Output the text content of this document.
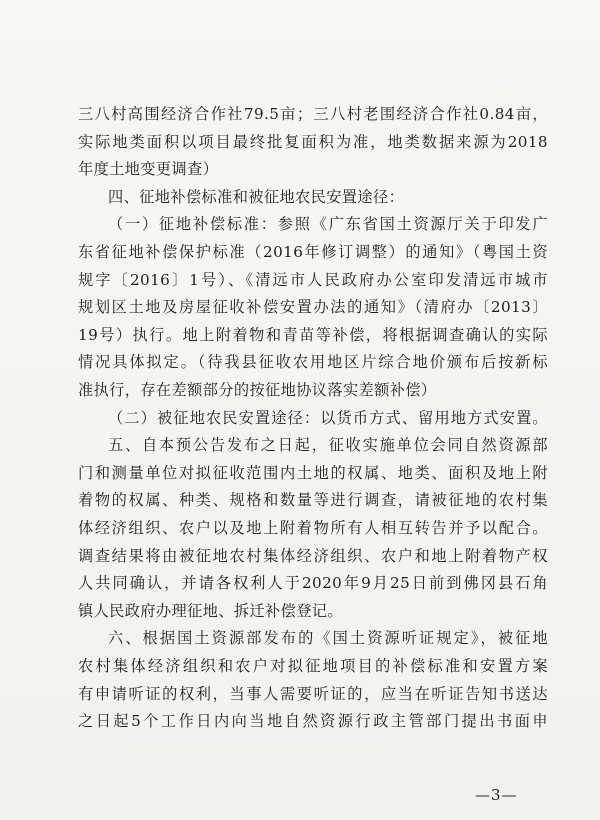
三八村高围经济合作社79.5亩；三八村老围经济合作社0.84亩，
实际地类面积以项目最终批复面积为准，地类数据来源为2018
年度土地变更调查）
四、征地补偿标准和被征地农民安置途径：
（一）征地补偿标准：参照《广东省国土资源厅关于印发广
东省征地补偿保护标准（2016年修订调整）的通知》（粤国土资
规字〔2016〕1号）、《清远市人民政府办公室印发清远市城市
规划区土地及房屋征收补偿安置办法的通知》（清府办〔2013〕
19号）执行。地上附着物和青苗等补偿，将根据调查确认的实际
情况具体拟定。（待我县征收农用地区片综合地价颁布后按新标
准执行，存在差额部分的按征地协议落实差额补偿）
（二）被征地农民安置途径：以货币方式、留用地方式安置。
五、自本预公告发布之日起，征收实施单位会同自然资源部
门和测量单位对拟征收范围内土地的权属、地类、面积及地上附
着物的权属、种类、规格和数量等进行调查，请被征地的农村集
体经济组织、农户以及地上附着物所有人相互转告并予以配合。
调查结果将由被征地农村集体经济组织、农户和地上附着物产权
人共同确认，并请各权利人于2020年9月25日前到佛冈县石角
镇人民政府办理征地、拆迁补偿登记。
六、根据国土资源部发布的《国土资源听证规定》，被征地
农村集体经济组织和农户对拟征地项目的补偿标准和安置方案
有申请听证的权利，当事人需要听证的，应当在听证告知书送达
之日起5个工作日内向当地自然资源行政主管部门提出书面申
—3—
